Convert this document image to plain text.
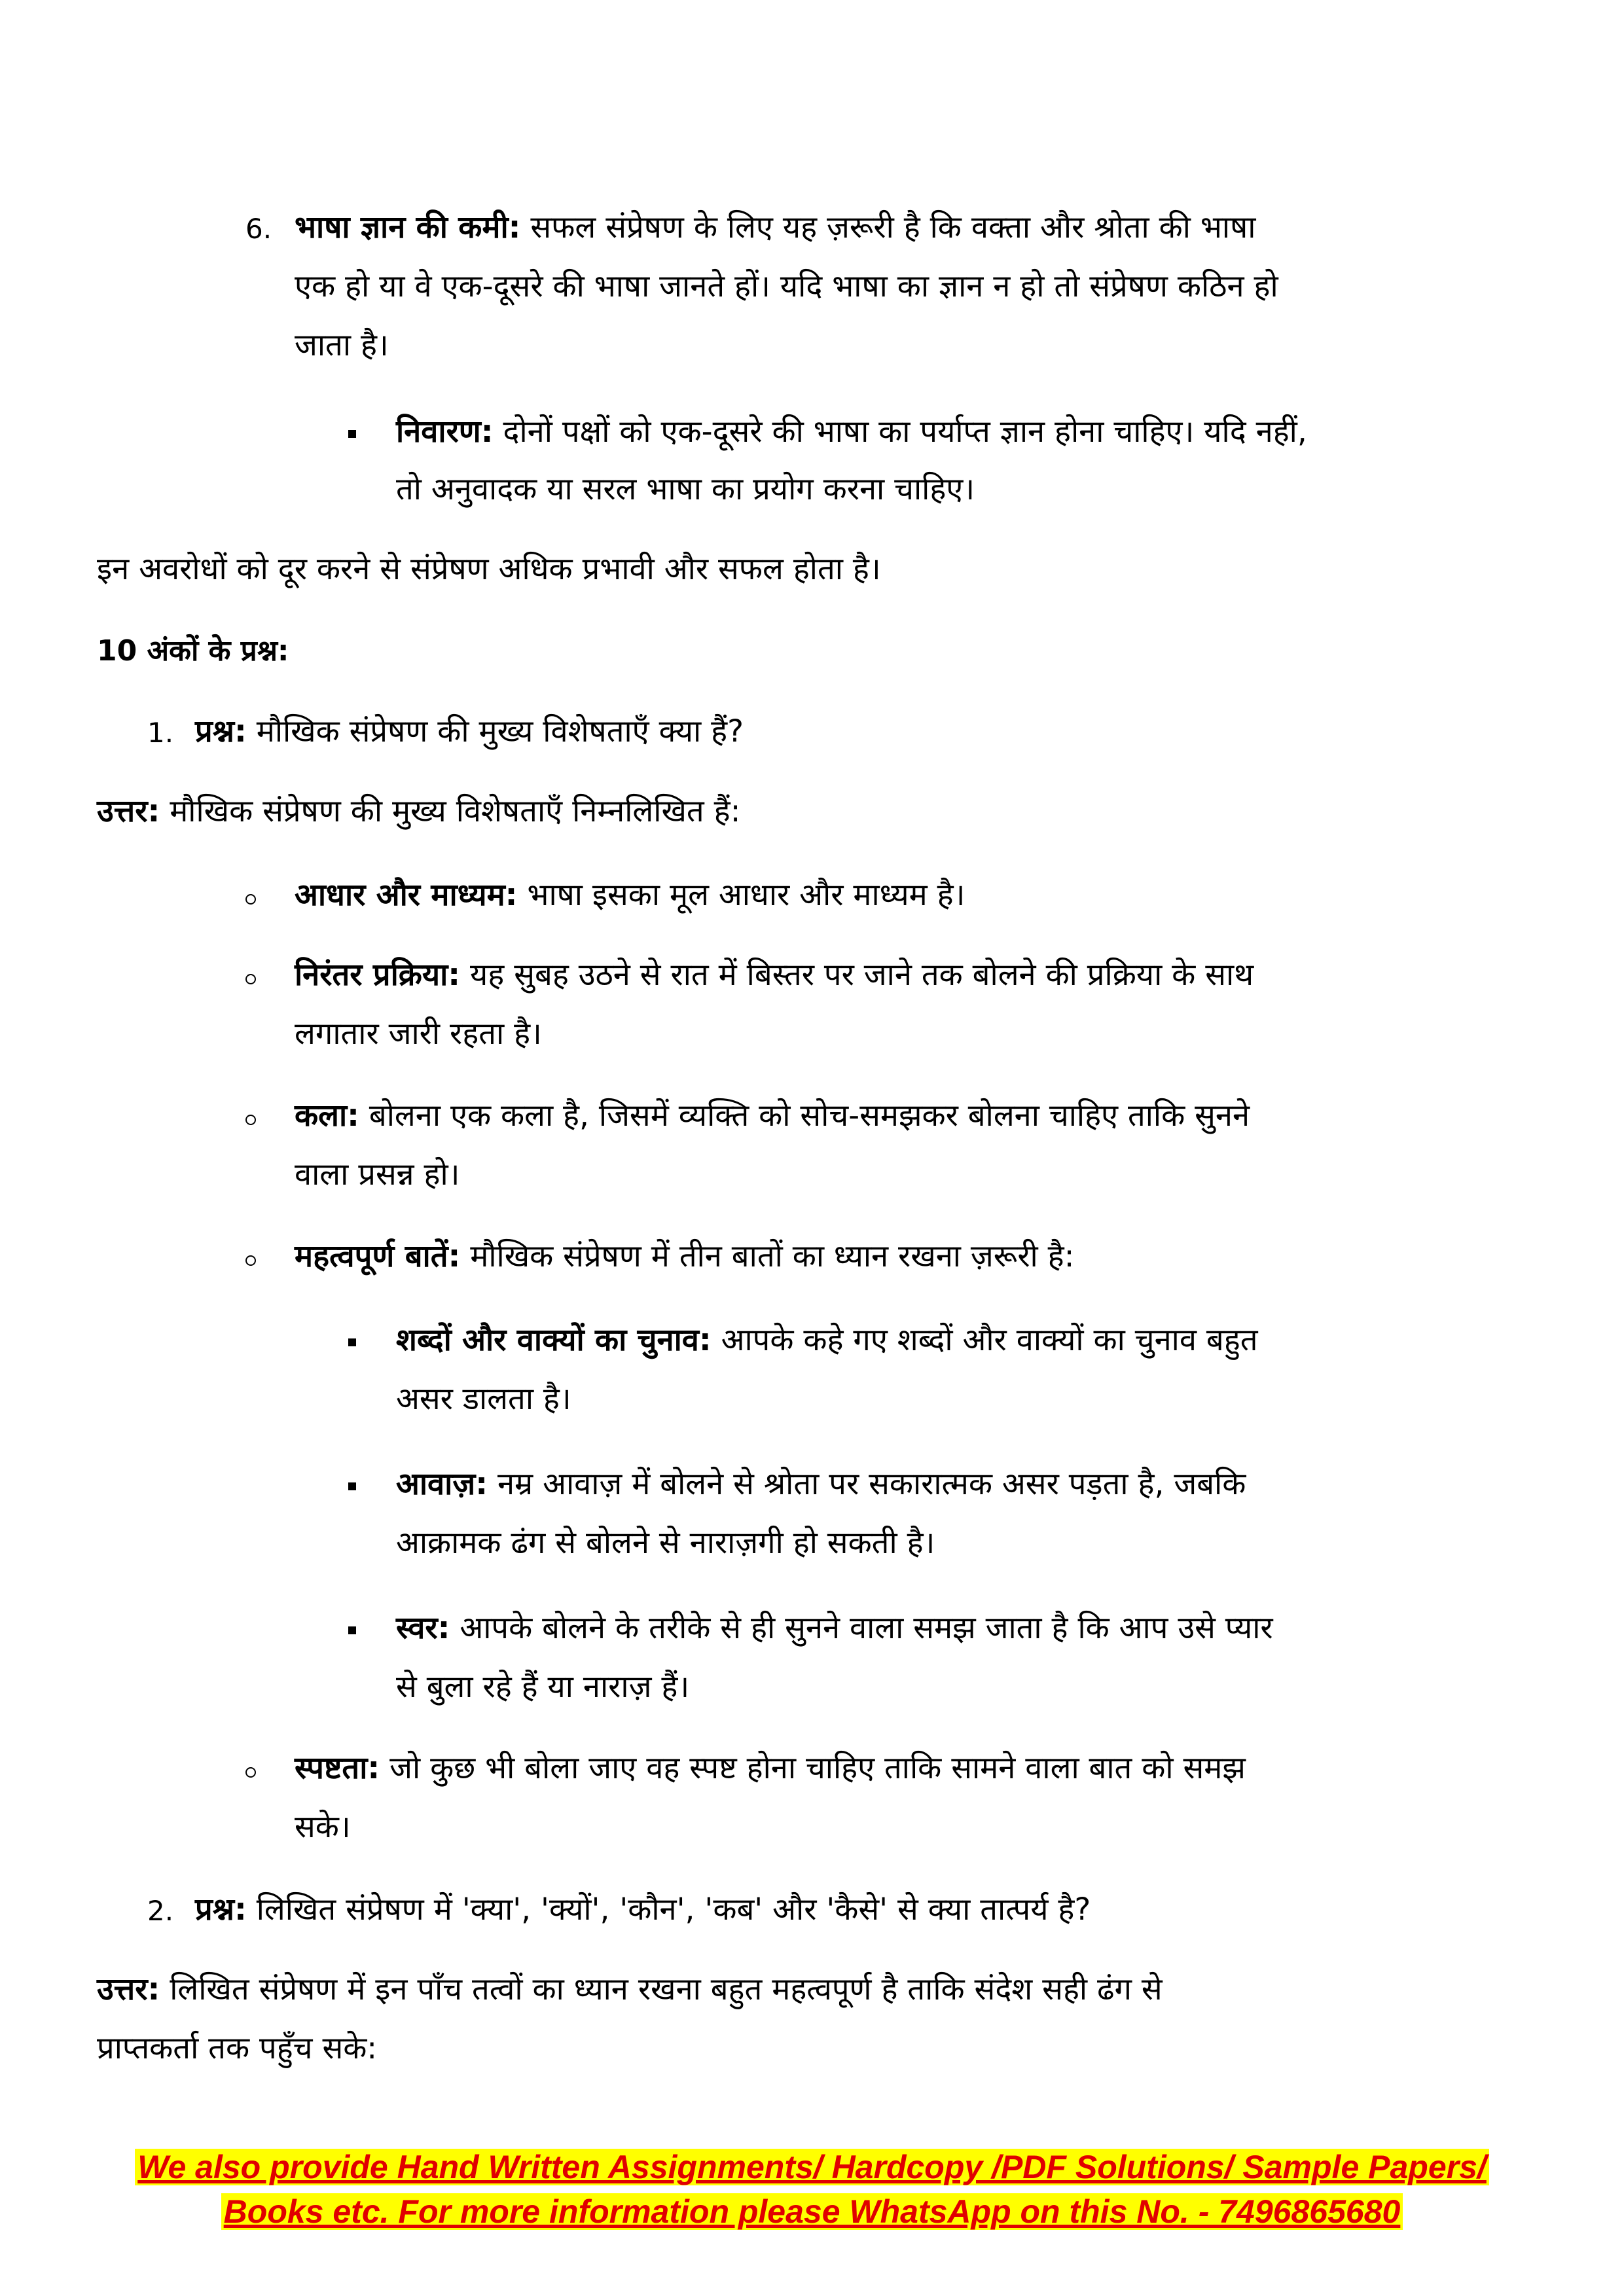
6. भाषा ज्ञान की कमी: सफल संप्रेषण के लिए यह ज़रूरी है कि वक्ता और श्रोता की भाषा
एक हो या वे एक-दूसरे की भाषा जानते हों। यदि भाषा का ज्ञान न हो तो संप्रेषण कठिन हो
जाता है।
निवारण: दोनों पक्षों को एक-दूसरे की भाषा का पर्याप्त ज्ञान होना चाहिए। यदि नहीं,
तो अनुवादक या सरल भाषा का प्रयोग करना चाहिए।
इन अवरोधों को दूर करने से संप्रेषण अधिक प्रभावी और सफल होता है।
10 अंकों के प्रश्न:
1. प्रश्न: मौखिक संप्रेषण की मुख्य विशेषताएँ क्या हैं?
उत्तर: मौखिक संप्रेषण की मुख्य विशेषताएँ निम्नलिखित हैं:
आधार और माध्यम: भाषा इसका मूल आधार और माध्यम है।
निरंतर प्रक्रिया: यह सुबह उठने से रात में बिस्तर पर जाने तक बोलने की प्रक्रिया के साथ
लगातार जारी रहता है।
कला: बोलना एक कला है, जिसमें व्यक्ति को सोच-समझकर बोलना चाहिए ताकि सुनने
वाला प्रसन्न हो।
महत्वपूर्ण बातें: मौखिक संप्रेषण में तीन बातों का ध्यान रखना ज़रूरी है:
शब्दों और वाक्यों का चुनाव: आपके कहे गए शब्दों और वाक्यों का चुनाव बहुत
असर डालता है।
आवाज़: नम्र आवाज़ में बोलने से श्रोता पर सकारात्मक असर पड़ता है, जबकि
आक्रामक ढंग से बोलने से नाराज़गी हो सकती है।
स्वर: आपके बोलने के तरीके से ही सुनने वाला समझ जाता है कि आप उसे प्यार
से बुला रहे हैं या नाराज़ हैं।
स्पष्टता: जो कुछ भी बोला जाए वह स्पष्ट होना चाहिए ताकि सामने वाला बात को समझ
सके।
2. प्रश्न: लिखित संप्रेषण में 'क्या', 'क्यों', 'कौन', 'कब' और 'कैसे' से क्या तात्पर्य है?
उत्तर: लिखित संप्रेषण में इन पाँच तत्वों का ध्यान रखना बहुत महत्वपूर्ण है ताकि संदेश सही ढंग से
प्राप्तकर्ता तक पहुँच सके:
We also provide Hand Written Assignments/ Hardcopy /PDF Solutions/ Sample Papers/
Books etc. For more information please WhatsApp on this No. - 7496865680
